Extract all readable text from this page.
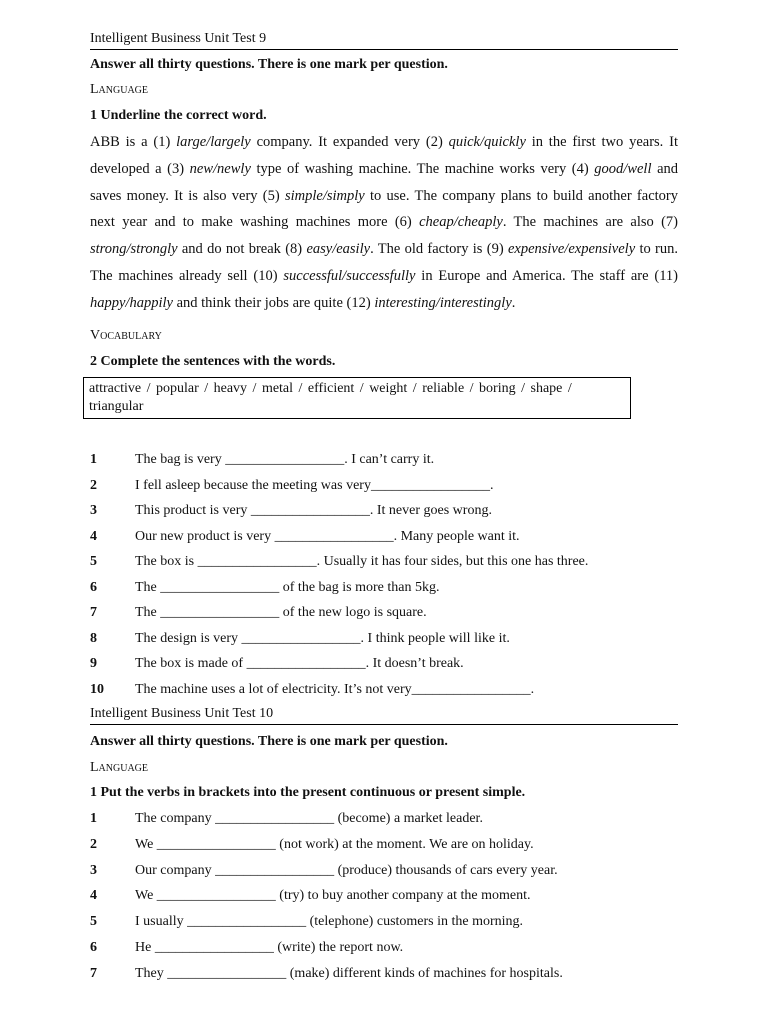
Intelligent Business Unit Test 9
Answer all thirty questions. There is one mark per question.
Language
1 Underline the correct word.
ABB is a (1) large/largely company. It expanded very (2) quick/quickly in the first two years. It developed a (3) new/newly type of washing machine. The machine works very (4) good/well and saves money. It is also very (5) simple/simply to use. The company plans to build another factory next year and to make washing machines more (6) cheap/cheaply. The machines are also (7) strong/strongly and do not break (8) easy/easily. The old factory is (9) expensive/expensively to run. The machines already sell (10) successful/successfully in Europe and America. The staff are (11) happy/happily and think their jobs are quite (12) interesting/interestingly.
Vocabulary
2 Complete the sentences with the words.
attractive / popular / heavy / metal / efficient / weight / reliable / boring / shape / triangular
1	The bag is very _________________. I can’t carry it.
2	I fell asleep because the meeting was very_________________.
3	This product is very _________________. It never goes wrong.
4	Our new product is very _________________. Many people want it.
5	The box is _________________. Usually it has four sides, but this one has three.
6	The _________________ of the bag is more than 5kg.
7	The _________________ of the new logo is square.
8	The design is very _________________. I think people will like it.
9	The box is made of _________________. It doesn’t break.
10 The machine uses a lot of electricity. It’s not very_________________.
Intelligent Business Unit Test 10
Answer all thirty questions. There is one mark per question.
Language
1 Put the verbs in brackets into the present continuous or present simple.
1	The company _________________ (become) a market leader.
2	We _________________ (not work) at the moment. We are on holiday.
3	Our company _________________ (produce) thousands of cars every year.
4	We _________________ (try) to buy another company at the moment.
5	I usually _________________ (telephone) customers in the morning.
6	He _________________ (write) the report now.
7	They _________________ (make) different kinds of machines for hospitals.
